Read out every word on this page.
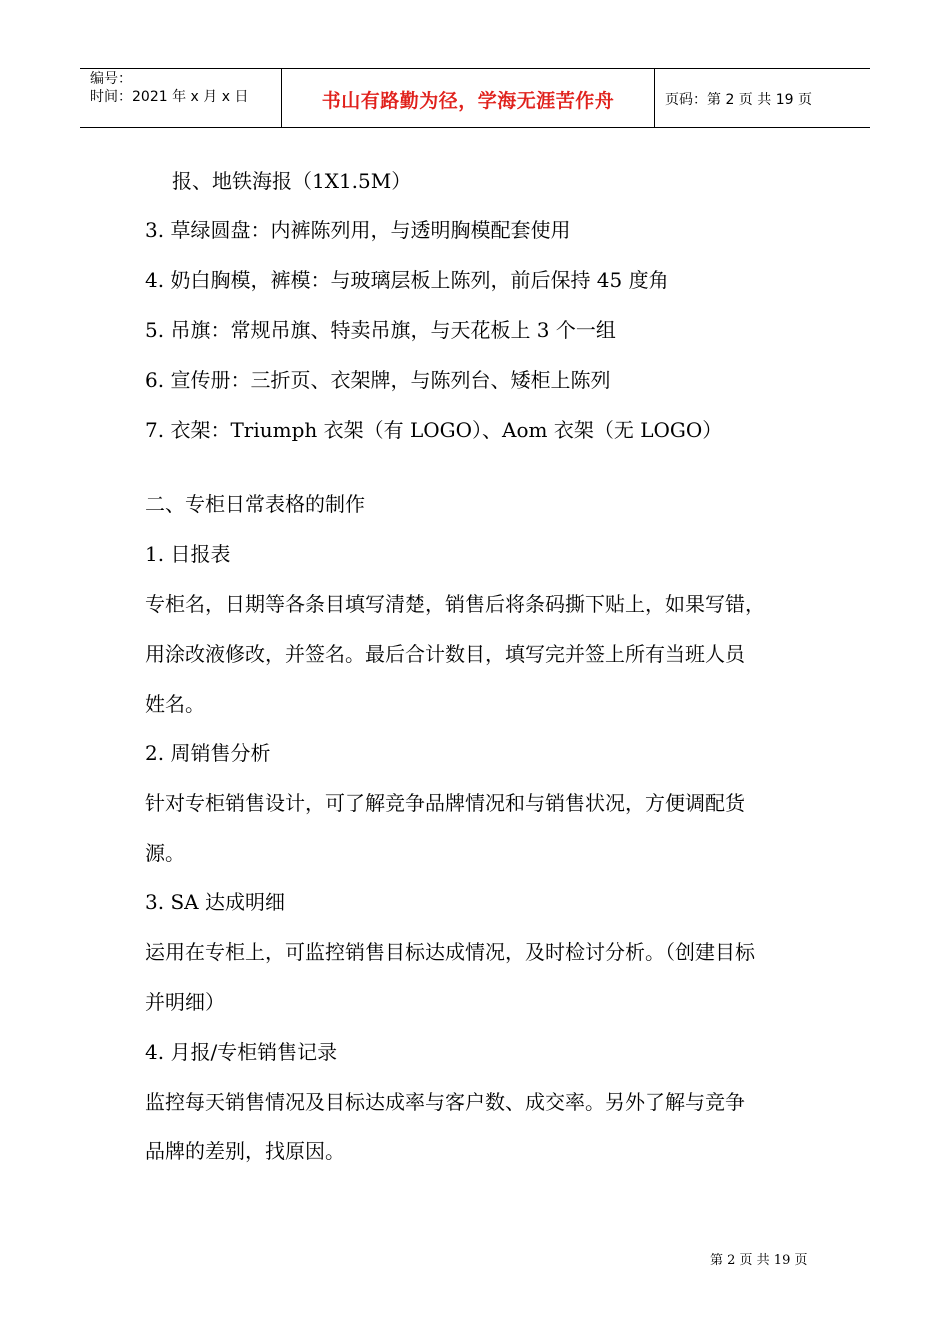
编号：
时间：2021 年 x 月 x 日	书山有路勤为径，学海无涯苦作舟	页码：第 2 页 共 19 页
报、地铁海报（1X1.5M）
3. 草绿圆盘：内裤陈列用，与透明胸模配套使用
4. 奶白胸模，裤模：与玻璃层板上陈列，前后保持 45 度角
5. 吊旗：常规吊旗、特卖吊旗，与天花板上 3 个一组
6. 宣传册：三折页、衣架牌，与陈列台、矮柜上陈列
7. 衣架：Triumph 衣架（有 LOGO）、Aom 衣架（无 LOGO）
二、专柜日常表格的制作
1. 日报表
专柜名，日期等各条目填写清楚，销售后将条码撕下贴上，如果写错，
用涂改液修改，并签名。最后合计数目，填写完并签上所有当班人员
姓名。
2. 周销售分析
针对专柜销售设计，可了解竞争品牌情况和与销售状况，方便调配货
源。
3. SA 达成明细
运用在专柜上，可监控销售目标达成情况，及时检讨分析。（创建目标
并明细）
4. 月报/专柜销售记录
监控每天销售情况及目标达成率与客户数、成交率。另外了解与竞争
品牌的差别，找原因。
第 2 页 共 19 页
